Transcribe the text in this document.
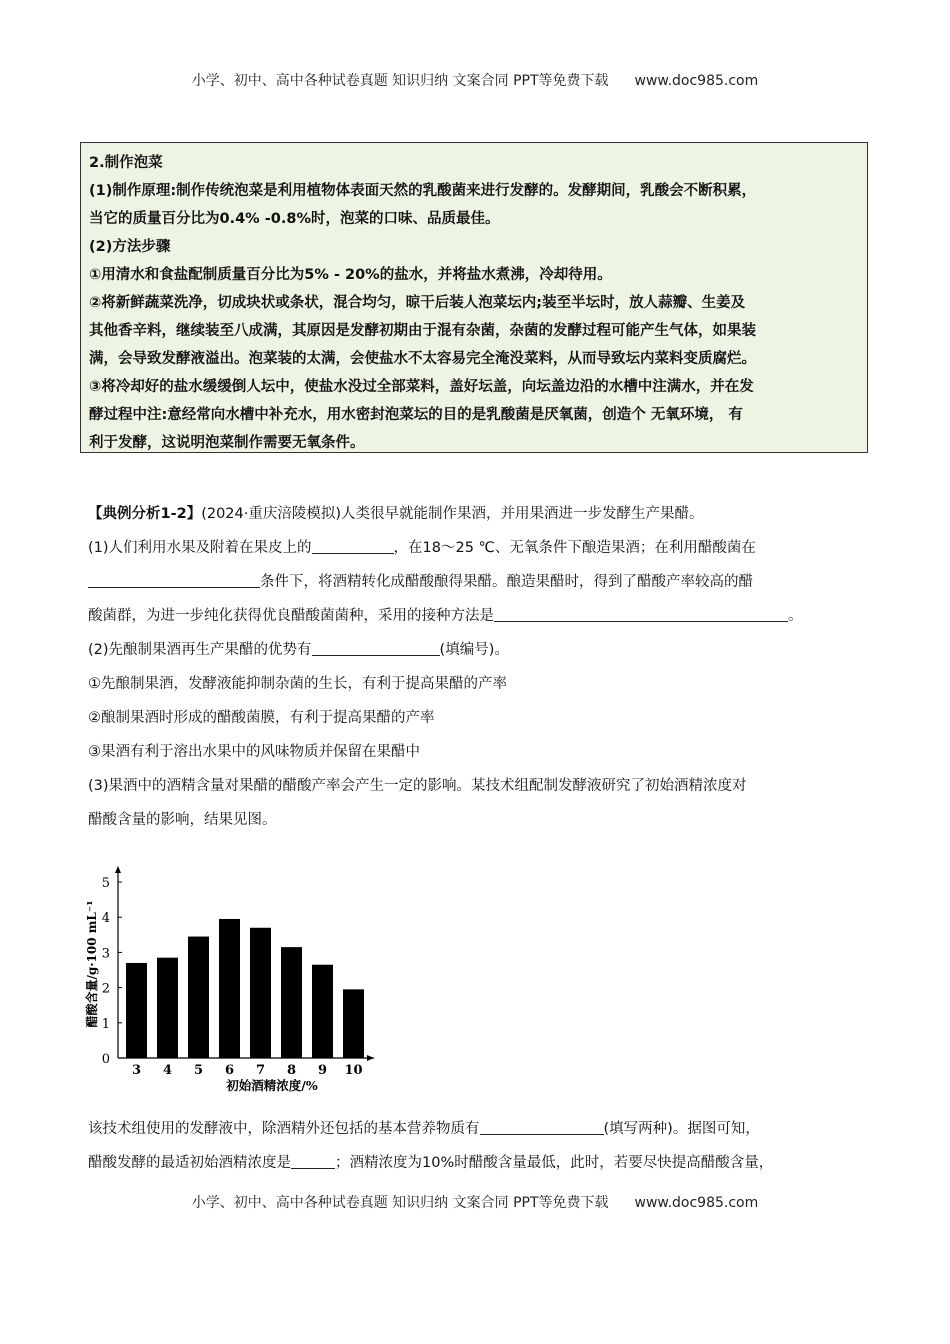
小学、初中、高中各种试卷真题 知识归纳 文案合同 PPT等免费下载 www.doc985.com
2.制作泡菜
(1)制作原理:制作传统泡菜是利用植物体表面天然的乳酸菌来进行发酵的。发酵期间，乳酸会不断积累，
当它的质量百分比为0.4% -0.8%时，泡菜的口味、品质最佳。
(2)方法步骤
①用清水和食盐配制质量百分比为5% - 20%的盐水，并将盐水煮沸，冷却待用。
②将新鲜蔬菜洗净，切成块状或条状，混合均匀，晾干后装人泡菜坛内;装至半坛时，放人蒜瓣、生姜及
其他香辛料，继续装至八成满，其原因是发酵初期由于混有杂菌，杂菌的发酵过程可能产生气体，如果装
满，会导致发酵液溢出。泡菜装的太满，会使盐水不太容易完全淹没菜料，从而导致坛内菜料变质腐烂。
③将冷却好的盐水缓缓倒人坛中，使盐水没过全部菜料，盖好坛盖，向坛盖边沿的水槽中注满水，并在发
酵过程中注:意经常向水槽中补充水，用水密封泡菜坛的目的是乳酸菌是厌氧菌，创造个 无氧环境， 有
利于发酵，这说明泡菜制作需要无氧条件。
【典例分析1-2】(2024·重庆涪陵模拟)人类很早就能制作果酒，并用果酒进一步发酵生产果醋。
(1)人们利用水果及附着在果皮上的	，在18～25 ℃、无氧条件下酿造果酒；在利用醋酸菌在
条件下，将酒精转化成醋酸酿得果醋。酿造果醋时，得到了醋酸产率较高的醋
酸菌群，为进一步纯化获得优良醋酸菌菌种，采用的接种方法是	。
(2)先酿制果酒再生产果醋的优势有	(填编号)。
①先酿制果酒，发酵液能抑制杂菌的生长，有利于提高果醋的产率
②酿制果酒时形成的醋酸菌膜，有利于提高果醋的产率
③果酒有利于溶出水果中的风味物质并保留在果醋中
(3)果酒中的酒精含量对果醋的醋酸产率会产生一定的影响。某技术组配制发酵液研究了初始酒精浓度对
醋酸含量的影响，结果见图。
0
1
2
3
4
5
3 4 5 6 7 8 9 10
初始酒精浓度/%
醋酸含量/g·100 mL⁻¹
该技术组使用的发酵液中，除酒精外还包括的基本营养物质有	(填写两种)。据图可知，
醋酸发酵的最适初始酒精浓度是	；酒精浓度为10%时醋酸含量最低，此时，若要尽快提高醋酸含量，
小学、初中、高中各种试卷真题 知识归纳 文案合同 PPT等免费下载 www.doc985.com
